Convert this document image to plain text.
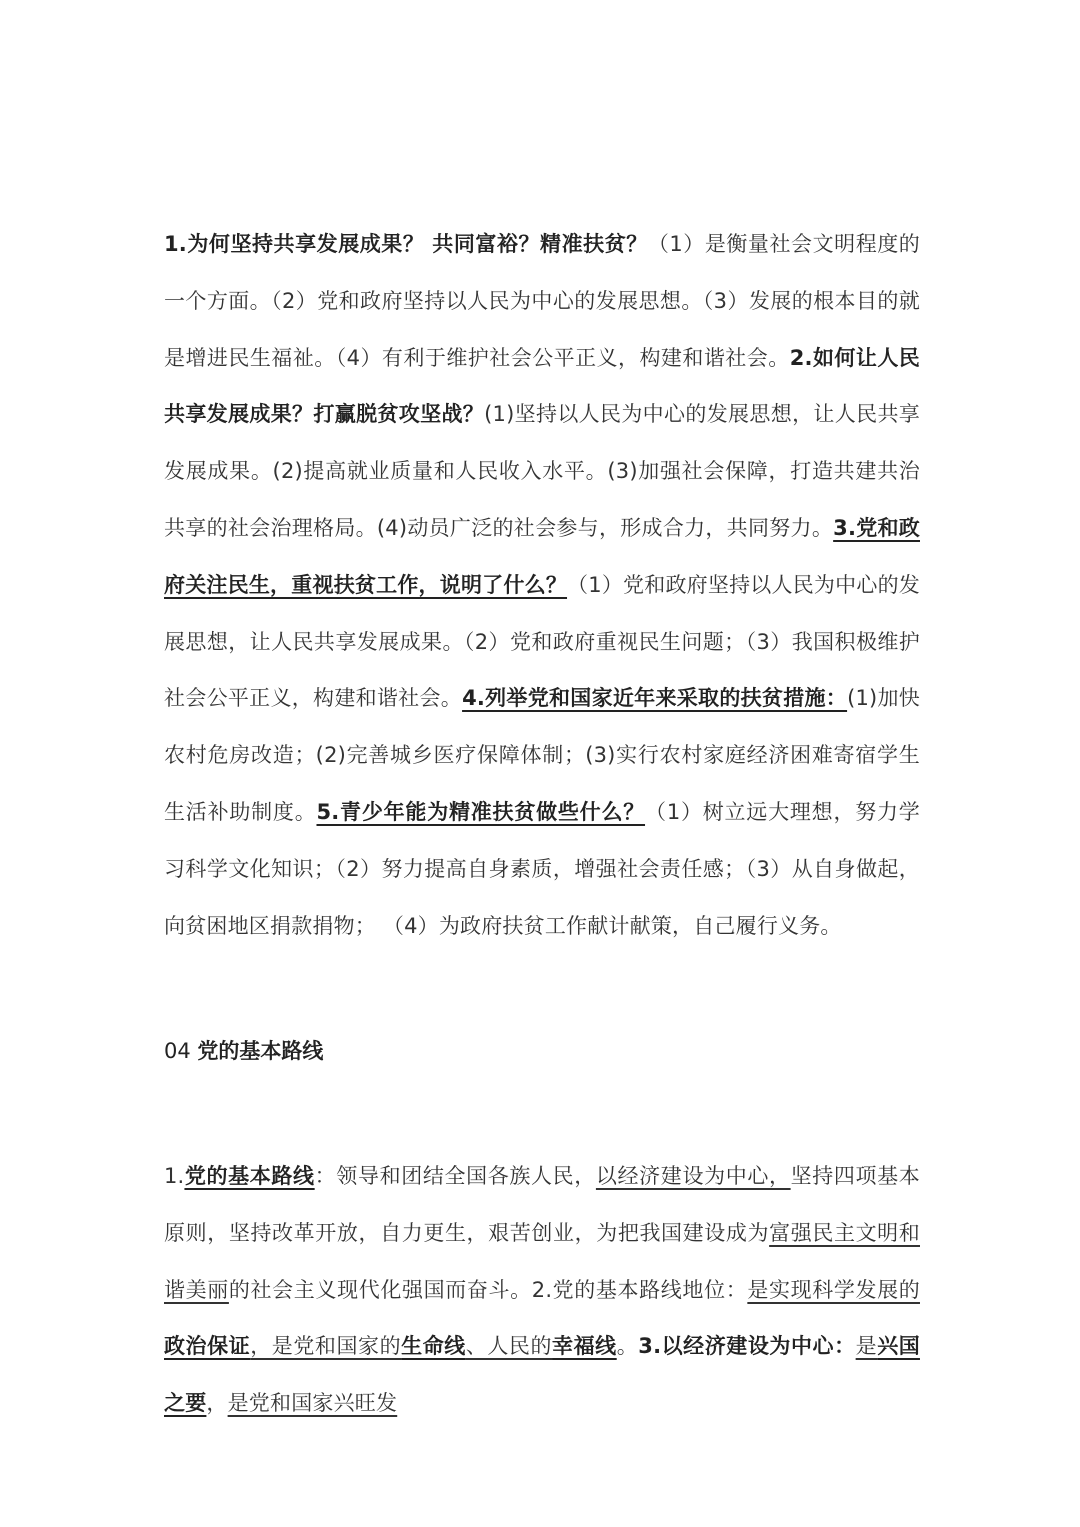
1.为何坚持共享发展成果？ 共同富裕？精准扶贫？（1）是衡量社会文明程度的一个方面。（2）党和政府坚持以人民为中心的发展思想。（3）发展的根本目的就是增进民生福祉。（4）有利于维护社会公平正义，构建和谐社会。2.如何让人民共享发展成果？打赢脱贫攻坚战？(1)坚持以人民为中心的发展思想，让人民共享发展成果。(2)提高就业质量和人民收入水平。(3)加强社会保障，打造共建共治共享的社会治理格局。(4)动员广泛的社会参与，形成合力，共同努力。3.党和政府关注民生，重视扶贫工作，说明了什么？（1）党和政府坚持以人民为中心的发展思想，让人民共享发展成果。（2）党和政府重视民生问题；（3）我国积极维护社会公平正义，构建和谐社会。4.列举党和国家近年来采取的扶贫措施：(1)加快农村危房改造；(2)完善城乡医疗保障体制；(3)实行农村家庭经济困难寄宿学生生活补助制度。5.青少年能为精准扶贫做些什么？（1）树立远大理想，努力学习科学文化知识；（2）努力提高自身素质，增强社会责任感；（3）从自身做起，向贫困地区捐款捐物； （4）为政府扶贫工作献计献策，自己履行义务。

04 党的基本路线

1.党的基本路线：领导和团结全国各族人民，以经济建设为中心，坚持四项基本原则，坚持改革开放，自力更生，艰苦创业，为把我国建设成为富强民主文明和谐美丽的社会主义现代化强国而奋斗。2.党的基本路线地位：是实现科学发展的政治保证，是党和国家的生命线、人民的幸福线。3.以经济建设为中心：是兴国之要，是党和国家兴旺发
